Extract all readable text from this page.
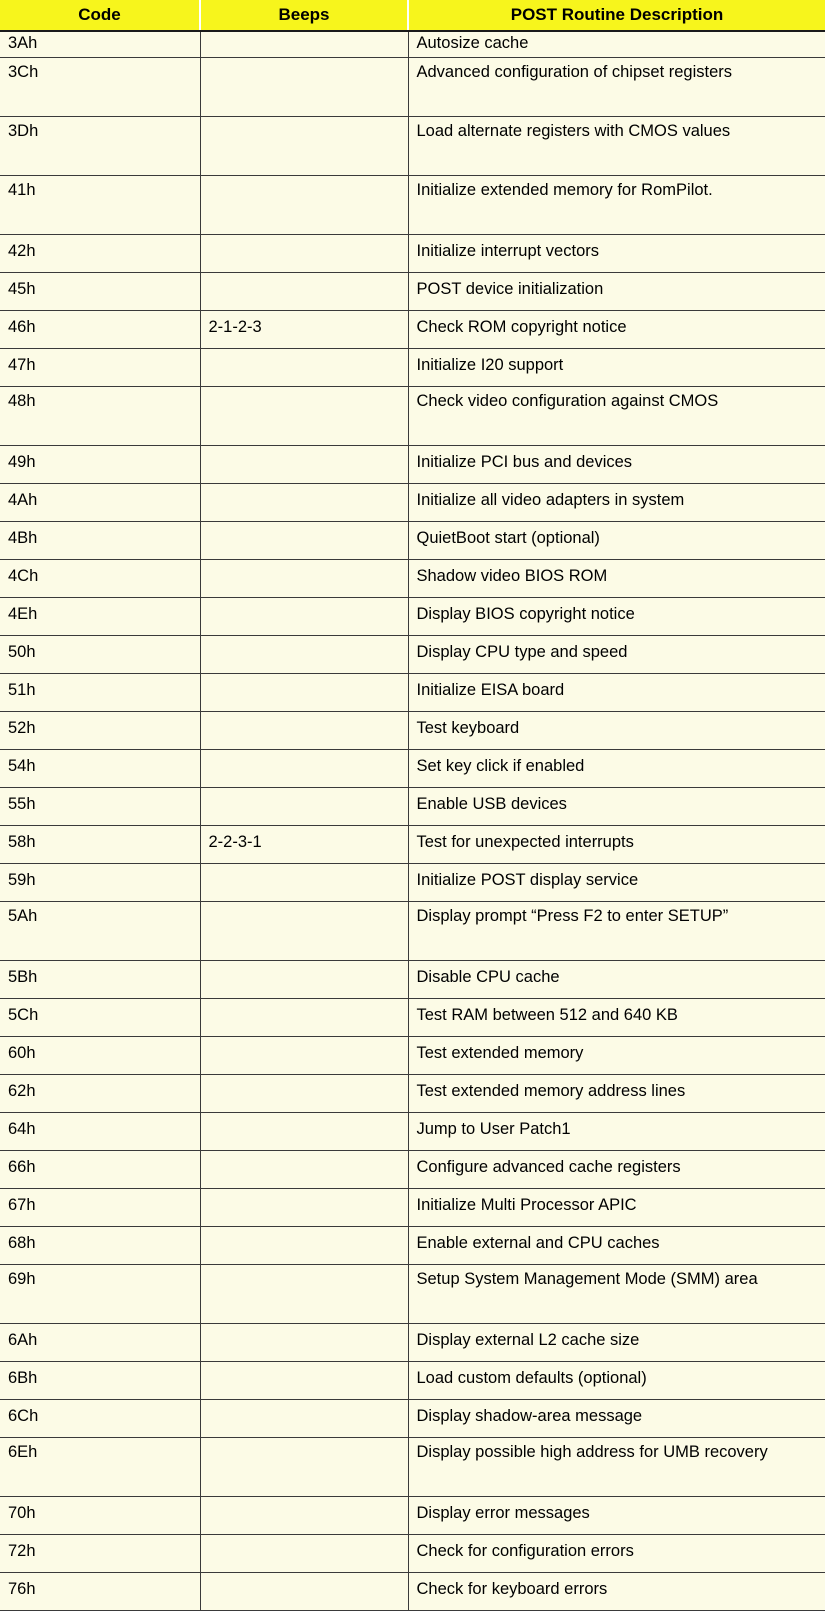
Code	Beeps	POST Routine Description
3Ah		Autosize cache
3Ch		Advanced configuration of chipset registers
3Dh		Load alternate registers with CMOS values
41h		Initialize extended memory for RomPilot.
42h		Initialize interrupt vectors
45h		POST device initialization
46h	2-1-2-3	Check ROM copyright notice
47h		Initialize I20 support
48h		Check video configuration against CMOS
49h		Initialize PCI bus and devices
4Ah		Initialize all video adapters in system
4Bh		QuietBoot start (optional)
4Ch		Shadow video BIOS ROM
4Eh		Display BIOS copyright notice
50h		Display CPU type and speed
51h		Initialize EISA board
52h		Test keyboard
54h		Set key click if enabled
55h		Enable USB devices
58h	2-2-3-1	Test for unexpected interrupts
59h		Initialize POST display service
5Ah		Display prompt “Press F2 to enter SETUP”
5Bh		Disable CPU cache
5Ch		Test RAM between 512 and 640 KB
60h		Test extended memory
62h		Test extended memory address lines
64h		Jump to User Patch1
66h		Configure advanced cache registers
67h		Initialize Multi Processor APIC
68h		Enable external and CPU caches
69h		Setup System Management Mode (SMM) area
6Ah		Display external L2 cache size
6Bh		Load custom defaults (optional)
6Ch		Display shadow-area message
6Eh		Display possible high address for UMB recovery
70h		Display error messages
72h		Check for configuration errors
76h		Check for keyboard errors
